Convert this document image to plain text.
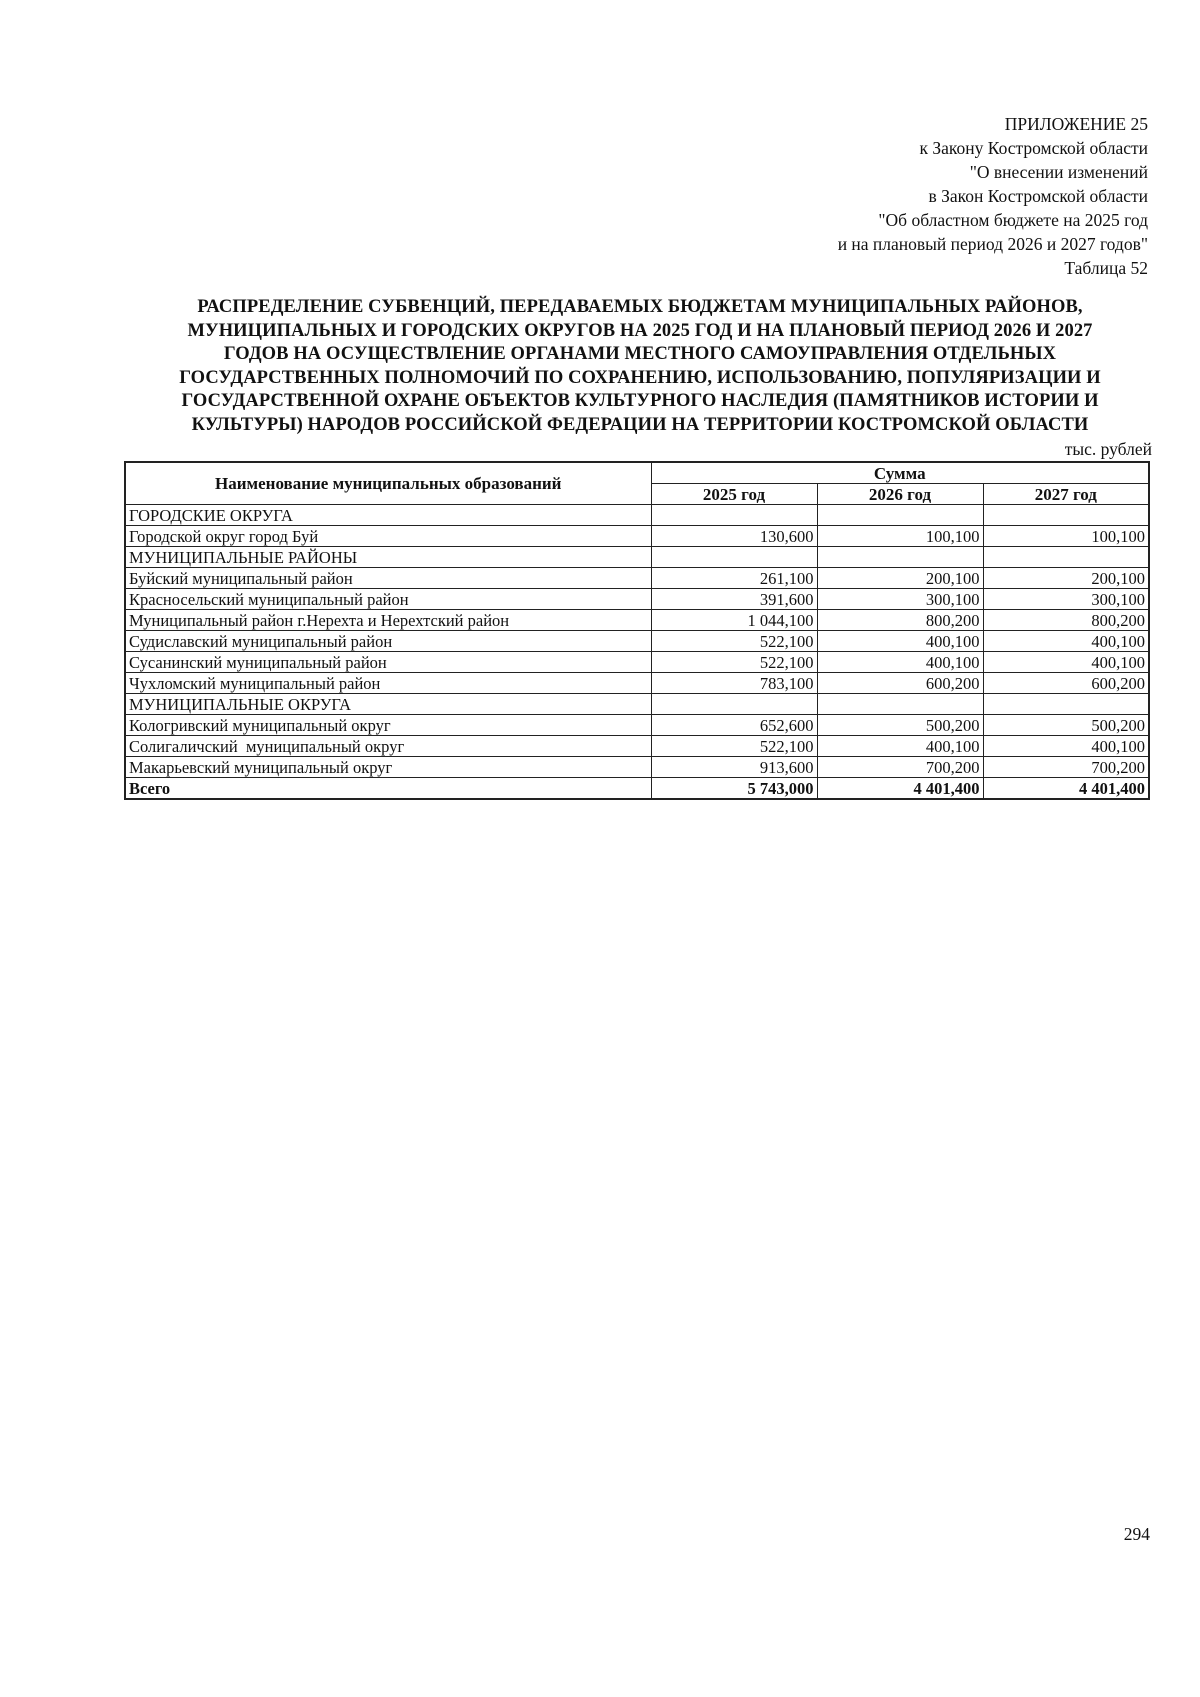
ПРИЛОЖЕНИЕ 25
к Закону Костромской области
"О внесении изменений
в Закон Костромской области
"Об областном бюджете на 2025 год
и на плановый период 2026 и 2027 годов"
Таблица 52
РАСПРЕДЕЛЕНИЕ СУБВЕНЦИЙ, ПЕРЕДАВАЕМЫХ БЮДЖЕТАМ МУНИЦИПАЛЬНЫХ РАЙОНОВ,
МУНИЦИПАЛЬНЫХ И ГОРОДСКИХ ОКРУГОВ НА 2025 ГОД И НА ПЛАНОВЫЙ ПЕРИОД 2026 И 2027
ГОДОВ НА ОСУЩЕСТВЛЕНИЕ ОРГАНАМИ МЕСТНОГО САМОУПРАВЛЕНИЯ ОТДЕЛЬНЫХ
ГОСУДАРСТВЕННЫХ ПОЛНОМОЧИЙ ПО СОХРАНЕНИЮ, ИСПОЛЬЗОВАНИЮ, ПОПУЛЯРИЗАЦИИ И
ГОСУДАРСТВЕННОЙ ОХРАНЕ ОБЪЕКТОВ КУЛЬТУРНОГО НАСЛЕДИЯ (ПАМЯТНИКОВ ИСТОРИИ И
КУЛЬТУРЫ) НАРОДОВ РОССИЙСКОЙ ФЕДЕРАЦИИ НА ТЕРРИТОРИИ КОСТРОМСКОЙ ОБЛАСТИ
тыс. рублей
Наименование муниципальных образований	Сумма		
	2025 год	2026 год	2027 год
ГОРОДСКИЕ ОКРУГА			
Городской округ город Буй	130,600	100,100	100,100
МУНИЦИПАЛЬНЫЕ РАЙОНЫ			
Буйский муниципальный район	261,100	200,100	200,100
Красносельский муниципальный район	391,600	300,100	300,100
Муниципальный район г.Нерехта и Нерехтский район	1 044,100	800,200	800,200
Судиславский муниципальный район	522,100	400,100	400,100
Сусанинский муниципальный район	522,100	400,100	400,100
Чухломский муниципальный район	783,100	600,200	600,200
МУНИЦИПАЛЬНЫЕ ОКРУГА			
Кологривский муниципальный округ	652,600	500,200	500,200
Солигаличский  муниципальный округ	522,100	400,100	400,100
Макарьевский муниципальный округ	913,600	700,200	700,200
Всего	5 743,000	4 401,400	4 401,400
294
